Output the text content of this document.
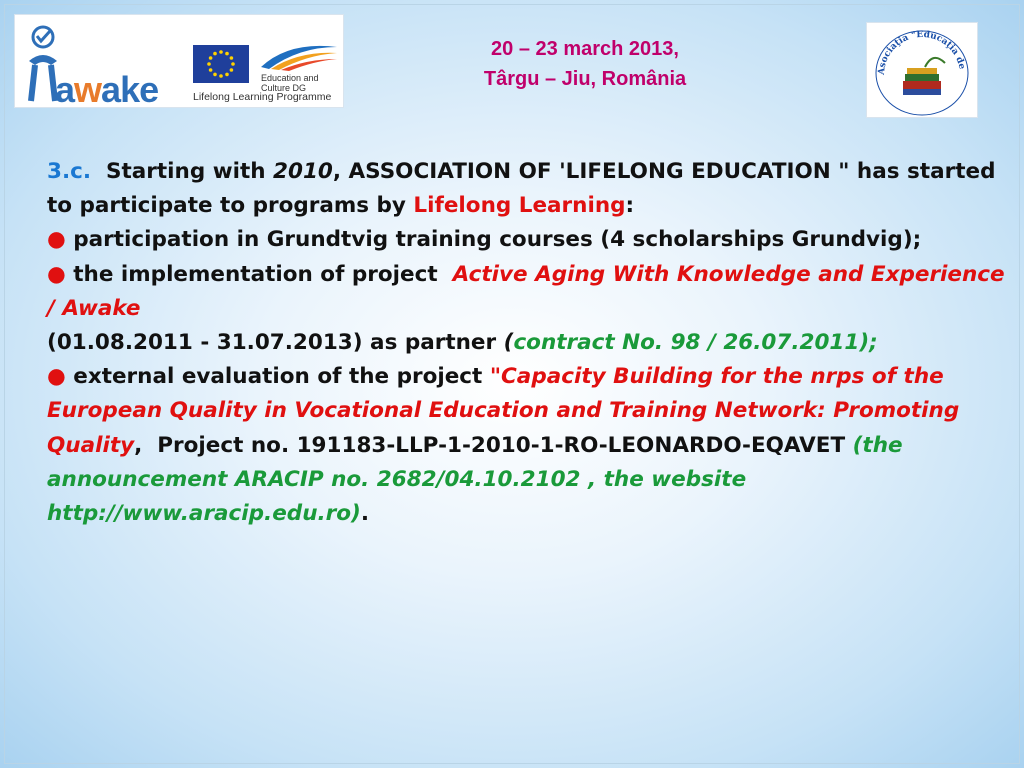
awake	Education and Culture DG
Lifelong Learning Programme
20 – 23 march 2013,
Târgu – Jiu, România	Asociaţia "Educaţia de
3.c. Starting with 2010, ASSOCIATION OF 'LIFELONG EDUCATION " has started to participate to programs by Lifelong Learning:
● participation in Grundtvig training courses (4 scholarships Grundvig);
● the implementation of project  Active Aging With Knowledge and Experience / Awake
(01.08.2011 - 31.07.2013) as partner (contract No. 98 / 26.07.2011);
● external evaluation of the project "Capacity Building for the nrps of the European Quality in Vocational Education and Training Network: Promoting Quality,  Project no. 191183-LLP-1-2010-1-RO-LEONARDO-EQAVET (the announcement ARACIP no. 2682/04.10.2102 , the website http://www.aracip.edu.ro).
